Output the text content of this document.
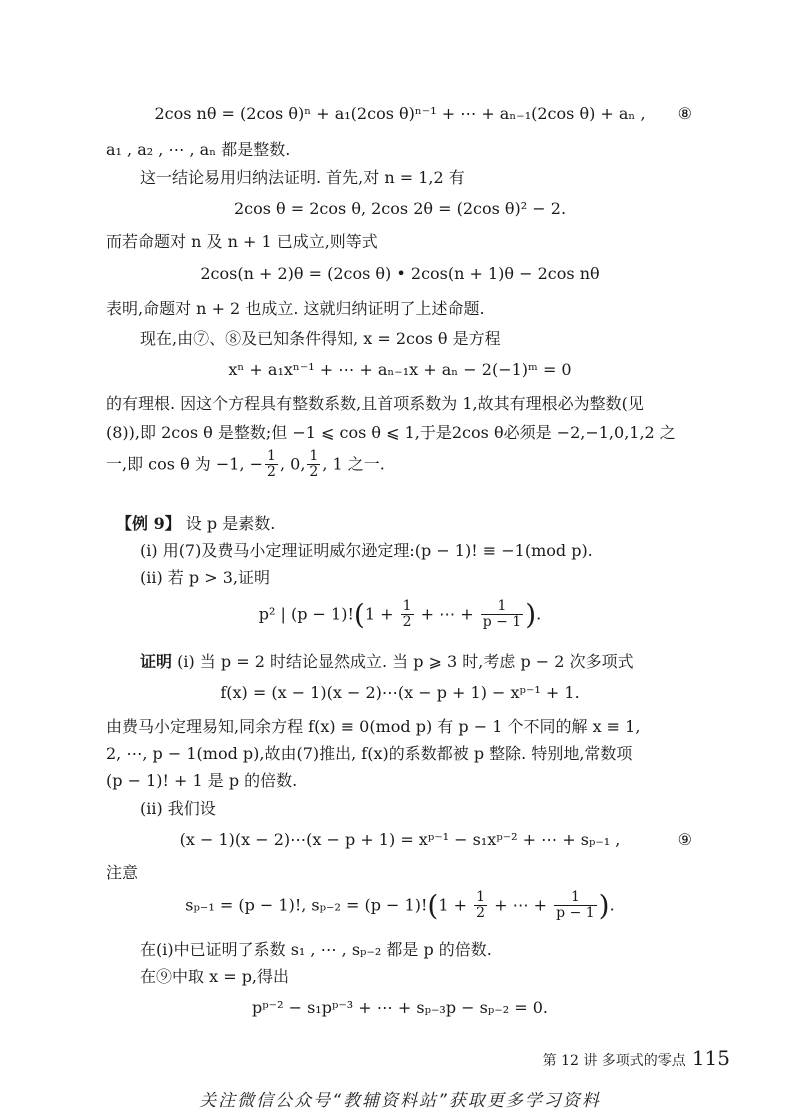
2cos nθ = (2cos θ)ⁿ + a₁(2cos θ)ⁿ⁻¹ + ⋯ + aₙ₋₁(2cos θ) + aₙ , ⑧
a₁ , a₂ , ⋯ , aₙ 都是整数.
这一结论易用归纳法证明. 首先,对 n = 1,2 有
2cos θ = 2cos θ, 2cos 2θ = (2cos θ)² − 2.
而若命题对 n 及 n + 1 已成立,则等式
2cos(n + 2)θ = (2cos θ) • 2cos(n + 1)θ − 2cos nθ
表明,命题对 n + 2 也成立. 这就归纳证明了上述命题.
现在,由⑦、⑧及已知条件得知, x = 2cos θ 是方程
xⁿ + a₁xⁿ⁻¹ + ⋯ + aₙ₋₁x + aₙ − 2(−1)ᵐ = 0
的有理根. 因这个方程具有整数系数,且首项系数为 1,故其有理根必为整数(见
(8)),即 2cos θ 是整数;但 −1 ⩽ cos θ ⩽ 1,于是2cos θ必须是 −2,−1,0,1,2 之
一,即 cos θ 为 −1, − $\frac{1}{2}$ , 0, $\frac{1}{2}$ , 1 之一.
【例 9】 设 p 是素数.
(i) 用(7)及费马小定理证明威尔逊定理:(p − 1)! ≡ −1(mod p).
(ii) 若 p > 3,证明
p² | $(p - 1)!(1 + \frac{1}{2}$ + ⋯ + $\frac{1}{p - 1}$ ).
证明 (i) 当 p = 2 时结论显然成立. 当 p ⩾ 3 时,考虑 p − 2 次多项式
f(x) = (x − 1)(x − 2)⋯(x − p + 1) − xᵖ⁻¹ + 1.
由费马小定理易知,同余方程 f(x) ≡ 0(mod p) 有 p − 1 个不同的解 x ≡ 1,
2, ⋯, p − 1(mod p),故由(7)推出, f(x)的系数都被 p 整除. 特别地,常数项
(p − 1)! + 1 是 p 的倍数.
(ii) 我们设
(x − 1)(x − 2)⋯(x − p + 1) = xᵖ⁻¹ − s₁xᵖ⁻² + ⋯ + sₚ₋₁ ,	⑨
注意
sₚ₋₁ = (p − 1)!, $s_{p-2} = (p - 1)!(1 + \frac{1}{2}$ + ⋯ + $\frac{1}{p - 1}$ ).
在(i)中已证明了系数 s₁ , ⋯ , sₚ₋₂ 都是 p 的倍数.
在⑨中取 x = p,得出
pᵖ⁻² − s₁pᵖ⁻³ + ⋯ + sₚ₋₃p − sₚ₋₂ = 0.
第 12 讲 多项式的零点 115
关注微信公众号“教辅资料站”获取更多学习资料
